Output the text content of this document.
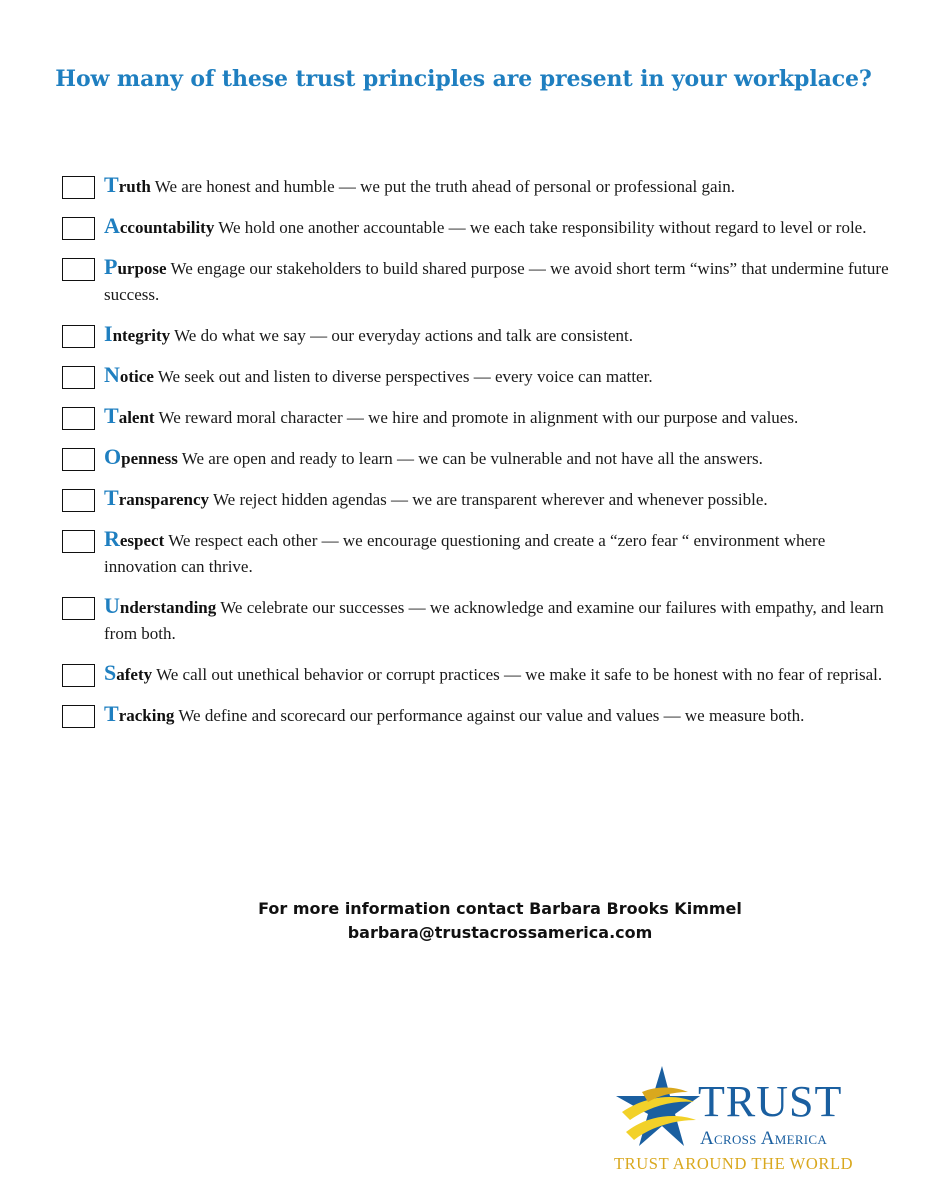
How many of these trust principles are present in your workplace?
Truth We are honest and humble — we put the truth ahead of personal or professional gain.
Accountability We hold one another accountable — we each take responsibility without regard to level or role.
Purpose We engage our stakeholders to build shared purpose — we avoid short term “wins” that undermine future success.
Integrity We do what we say — our everyday actions and talk are consistent.
Notice We seek out and listen to diverse perspectives — every voice can matter.
Talent We reward moral character — we hire and promote in alignment with our purpose and values.
Openness We are open and ready to learn — we can be vulnerable and not have all the answers.
Transparency We reject hidden agendas — we are transparent wherever and whenever possible.
Respect We respect each other — we encourage questioning and create a “zero fear “ environment where innovation can thrive.
Understanding We celebrate our successes — we acknowledge and examine our failures with empathy, and learn from both.
Safety We call out unethical behavior or corrupt practices — we make it safe to be honest with no fear of reprisal.
Tracking We define and scorecard our performance against our value and values — we measure both.
For more information contact Barbara Brooks Kimmel
barbara@trustacrossamerica.com
TRUST
Across America
TRUST AROUND THE WORLD
